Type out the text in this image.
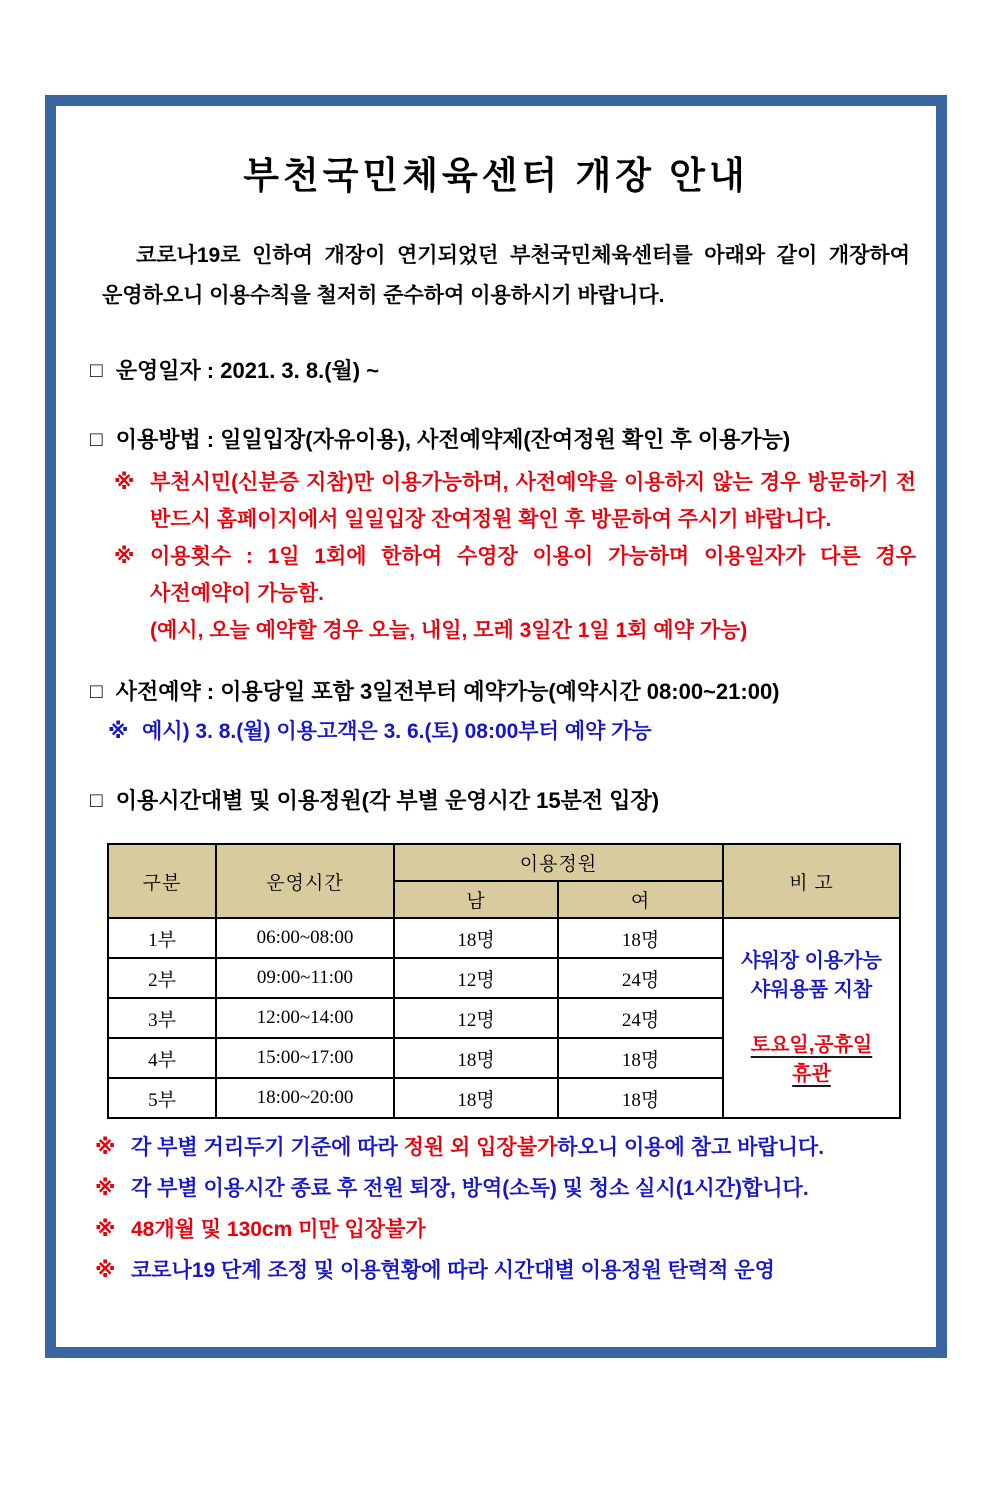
부천국민체육센터 개장 안내

코로나19로 인하여 개장이 연기되었던 부천국민체육센터를 아래와 같이 개장하여 운영하오니 이용수칙을 철저히 준수하여 이용하시기 바랍니다.

□ 운영일자 : 2021. 3. 8.(월) ~
□ 이용방법 : 일일입장(자유이용), 사전예약제(잔여정원 확인 후 이용가능)
※ 부천시민(신분증 지참)만 이용가능하며, 사전예약을 이용하지 않는 경우 방문하기 전 반드시 홈페이지에서 일일입장 잔여정원 확인 후 방문하여 주시기 바랍니다.
※ 이용횟수 : 1일 1회에 한하여 수영장 이용이 가능하며 이용일자가 다른 경우 사전예약이 가능함.
(예시, 오늘 예약할 경우 오늘, 내일, 모레 3일간 1일 1회 예약 가능)
□ 사전예약 : 이용당일 포함 3일전부터 예약가능(예약시간 08:00~21:00)
※ 예시) 3. 8.(월) 이용고객은 3. 6.(토) 08:00부터 예약 가능
□ 이용시간대별 및 이용정원(각 부별 운영시간 15분전 입장)
구분	운영시간	이용정원		비 고
		남	여	
1부	06:00~08:00	18명	18명	샤워장 이용가능
샤워용품 지참
토요일,공휴일
휴관

2부	09:00~11:00	12명	24명	
3부	12:00~14:00	12명	24명	
4부	15:00~17:00	18명	18명	
5부	18:00~20:00	18명	18명	
※ 각 부별 거리두기 기준에 따라 정원 외 입장불가하오니 이용에 참고 바랍니다.
※ 각 부별 이용시간 종료 후 전원 퇴장, 방역(소독) 및 청소 실시(1시간)합니다.
※ 48개월 및 130cm 미만 입장불가
※ 코로나19 단계 조정 및 이용현황에 따라 시간대별 이용정원 탄력적 운영
